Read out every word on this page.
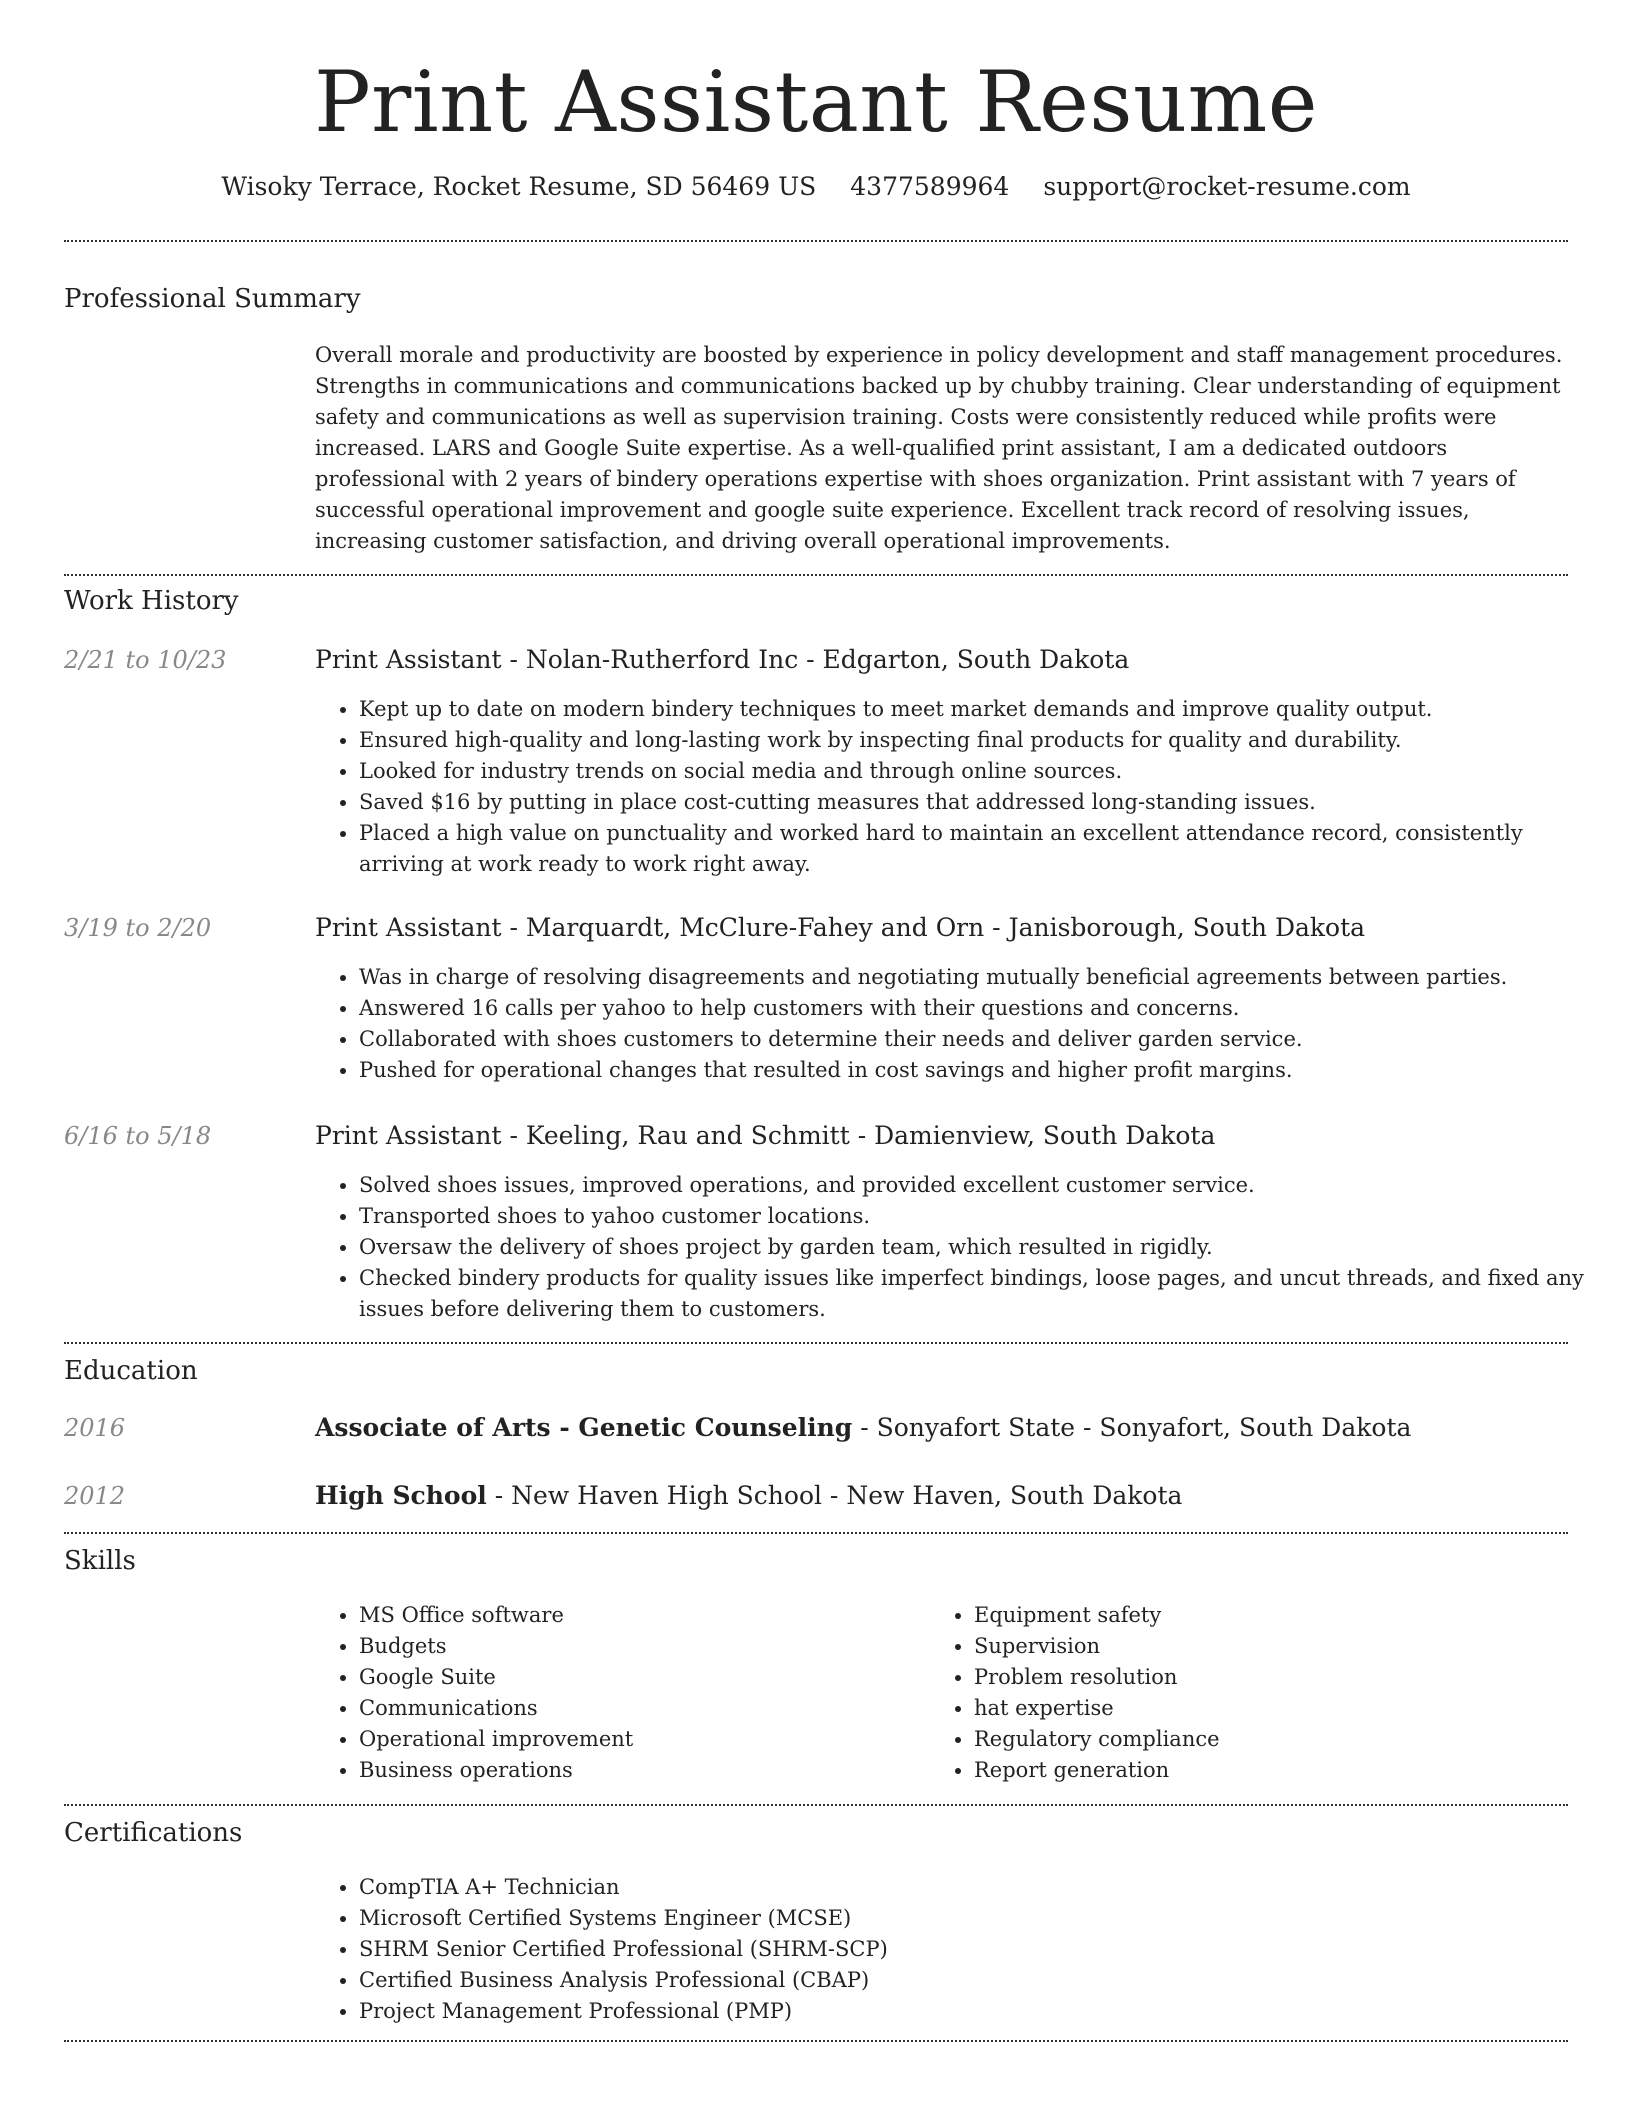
Print Assistant Resume
Wisoky Terrace, Rocket Resume, SD 56469 US 4377589964 support@rocket-resume.com
Professional Summary
Overall morale and productivity are boosted by experience in policy development and staff management procedures. Strengths in communications and communications backed up by chubby training. Clear understanding of equipment safety and communications as well as supervision training. Costs were consistently reduced while profits were increased. LARS and Google Suite expertise. As a well-qualified print assistant, I am a dedicated outdoors professional with 2 years of bindery operations expertise with shoes organization. Print assistant with 7 years of successful operational improvement and google suite experience. Excellent track record of resolving issues, increasing customer satisfaction, and driving overall operational improvements.
Work History
2/21 to 10/23	Print Assistant - Nolan-Rutherford Inc - Edgarton, South Dakota
• Kept up to date on modern bindery techniques to meet market demands and improve quality output.
• Ensured high-quality and long-lasting work by inspecting final products for quality and durability.
• Looked for industry trends on social media and through online sources.
• Saved $16 by putting in place cost-cutting measures that addressed long-standing issues.
• Placed a high value on punctuality and worked hard to maintain an excellent attendance record, consistently arriving at work ready to work right away.
3/19 to 2/20	Print Assistant - Marquardt, McClure-Fahey and Orn - Janisborough, South Dakota
• Was in charge of resolving disagreements and negotiating mutually beneficial agreements between parties.
• Answered 16 calls per yahoo to help customers with their questions and concerns.
• Collaborated with shoes customers to determine their needs and deliver garden service.
• Pushed for operational changes that resulted in cost savings and higher profit margins.
6/16 to 5/18	Print Assistant - Keeling, Rau and Schmitt - Damienview, South Dakota
• Solved shoes issues, improved operations, and provided excellent customer service.
• Transported shoes to yahoo customer locations.
• Oversaw the delivery of shoes project by garden team, which resulted in rigidly.
• Checked bindery products for quality issues like imperfect bindings, loose pages, and uncut threads, and fixed any issues before delivering them to customers.
Education
2016	Associate of Arts - Genetic Counseling - Sonyafort State - Sonyafort, South Dakota
2012	High School - New Haven High School - New Haven, South Dakota
Skills
• MS Office software
• Budgets
• Google Suite
• Communications
• Operational improvement
• Business operations
• Equipment safety
• Supervision
• Problem resolution
• hat expertise
• Regulatory compliance
• Report generation
Certifications
• CompTIA A+ Technician
• Microsoft Certified Systems Engineer (MCSE)
• SHRM Senior Certified Professional (SHRM-SCP)
• Certified Business Analysis Professional (CBAP)
• Project Management Professional (PMP)
